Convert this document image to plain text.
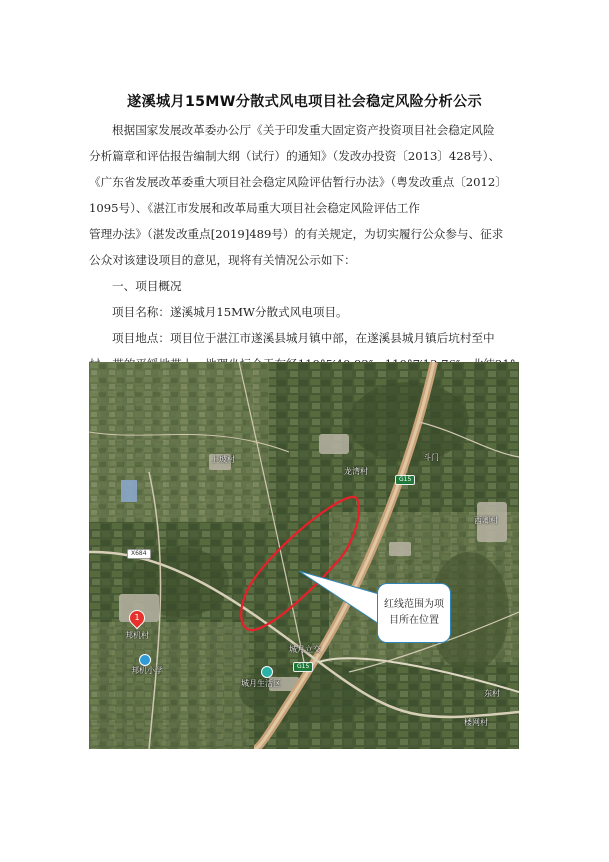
遂溪城月15MW分散式风电项目社会稳定风险分析公示
根据国家发展改革委办公厅《关于印发重大固定资产投资项目社会稳定风险
分析篇章和评估报告编制大纲（试行）的通知》（发改办投资〔2013〕428号）、
《广东省发展改革委重大项目社会稳定风险评估暂行办法》（粤发改重点〔2012〕
1095号）、《湛江市发展和改革局重大项目社会稳定风险评估工作
管理办法》（湛发改重点[2019]489号）的有关规定，为切实履行公众参与、征求
公众对该建设项目的意见，现将有关情况公示如下：
一、项目概况
项目名称：遂溪城月15MW分散式风电项目。
项目地点：项目位于湛江市遂溪县城月镇中部，在遂溪县城月镇后坑村至中
红线范围为项
目所在位置
上坡村
龙湾村
斗门
西卿村
邦机村
邦机小学
城月立交
城月生活区
东村
楼网村
G15
G15
X684
1
